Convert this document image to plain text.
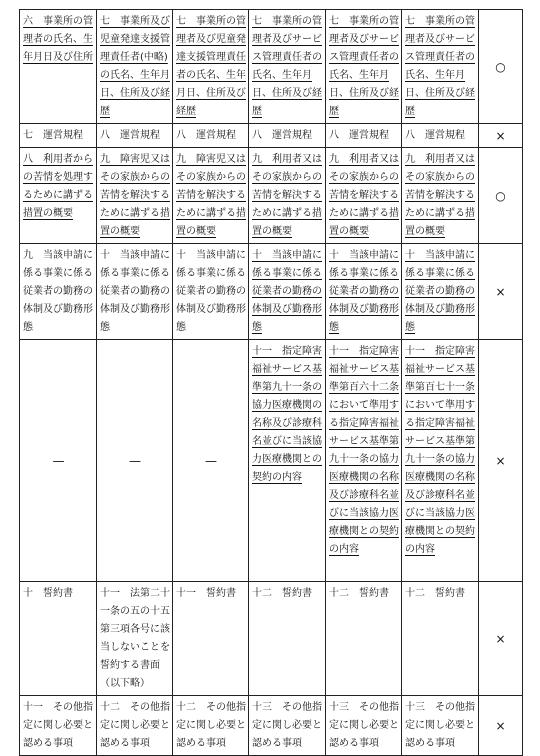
六　事業所の管理者の氏名、生年月日及び住所	七　事業所及び児童発達支援管理責任者(中略)の氏名、生年月日、住所及び経歴	七　事業所の管理者及び児童発達支援管理責任者の氏名、生年月日、住所及び経歴	七　事業所の管理者及びサービス管理責任者の氏名、生年月日、住所及び経歴	七　事業所の管理者及びサービス管理責任者の氏名、生年月日、住所及び経歴	七　事業所の管理者及びサービス管理責任者の氏名、生年月日、住所及び経歴	○
七　運営規程	八　運営規程	八　運営規程	八　運営規程	八　運営規程	八　運営規程	×
八　利用者からの苦情を処理するために講ずる措置の概要	九　障害児又はその家族からの苦情を解決するために講ずる措置の概要	九　障害児又はその家族からの苦情を解決するために講ずる措置の概要	九　利用者又はその家族からの苦情を解決するために講ずる措置の概要	九　利用者又はその家族からの苦情を解決するために講ずる措置の概要	九　利用者又はその家族からの苦情を解決するために講ずる措置の概要	○
九　当該申請に係る事業に係る従業者の勤務の体制及び勤務形態	十　当該申請に係る事業に係る従業者の勤務の体制及び勤務形態	十　当該申請に係る事業に係る従業者の勤務の体制及び勤務形態	十　当該申請に係る事業に係る従業者の勤務の体制及び勤務形態	十　当該申請に係る事業に係る従業者の勤務の体制及び勤務形態	十　当該申請に係る事業に係る従業者の勤務の体制及び勤務形態	×
—	—	—	十一　指定障害福祉サービス基準第九十一条の協力医療機関の名称及び診療科名並びに当該協力医療機関との契約の内容	十一　指定障害福祉サービス基準第百六十二条において準用する指定障害福祉サービス基準第九十一条の協力医療機関の名称及び診療科名並びに当該協力医療機関との契約の内容	十一　指定障害福祉サービス基準第百七十一条において準用する指定障害福祉サービス基準第九十一条の協力医療機関の名称及び診療科名並びに当該協力医療機関との契約の内容	×
十　誓約書	十一　法第二十一条の五の十五第三項各号に該当しないことを誓約する書面（以下略）	十一　誓約書	十二　誓約書	十二　誓約書	十二　誓約書	×
十一　その他指定に関し必要と認める事項	十二　その他指定に関し必要と認める事項	十二　その他指定に関し必要と認める事項	十三　その他指定に関し必要と認める事項	十三　その他指定に関し必要と認める事項	十三　その他指定に関し必要と認める事項	×
